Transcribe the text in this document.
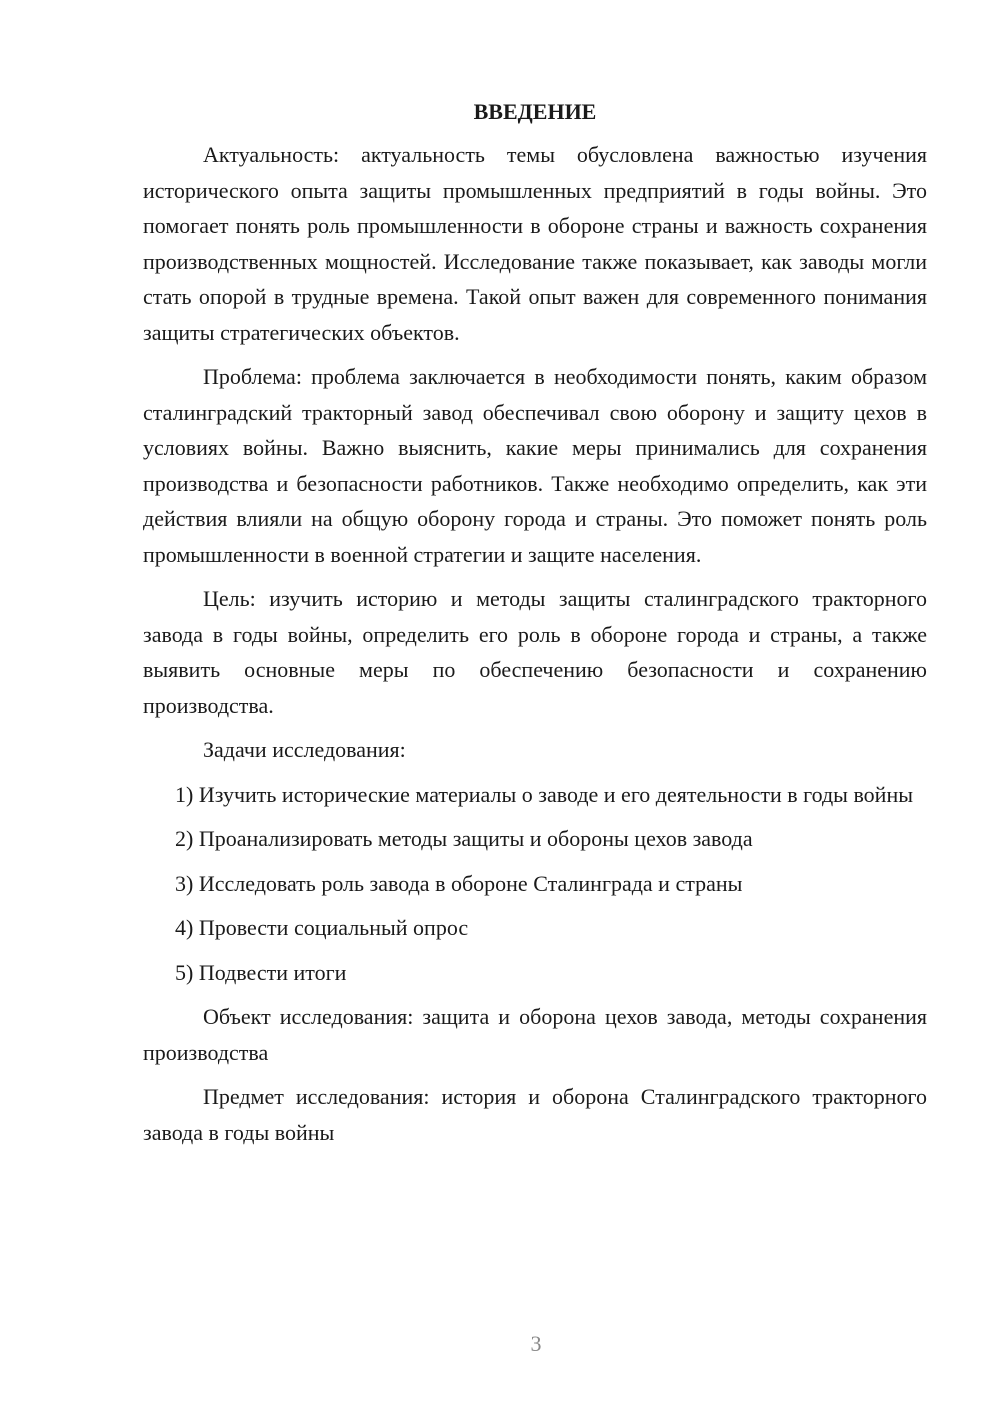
ВВЕДЕНИЕ

Актуальность: актуальность темы обусловлена важностью изучения исторического опыта защиты промышленных предприятий в годы войны. Это помогает понять роль промышленности в обороне страны и важность сохранения производственных мощностей. Исследование также показывает, как заводы могли стать опорой в трудные времена. Такой опыт важен для современного понимания защиты стратегических объектов.

Проблема: проблема заключается в необходимости понять, каким образом сталинградский тракторный завод обеспечивал свою оборону и защиту цехов в условиях войны. Важно выяснить, какие меры принимались для сохранения производства и безопасности работников. Также необходимо определить, как эти действия влияли на общую оборону города и страны. Это поможет понять роль промышленности в военной стратегии и защите населения.

Цель: изучить историю и методы защиты сталинградского тракторного завода в годы войны, определить его роль в обороне города и страны, а также выявить основные меры по обеспечению безопасности и сохранению производства.

Задачи исследования:

1) Изучить исторические материалы о заводе и его деятельности в годы войны

2) Проанализировать методы защиты и обороны цехов завода

3) Исследовать роль завода в обороне Сталинграда и страны

4) Провести социальный опрос

5) Подвести итоги

Объект исследования: защита и оборона цехов завода, методы сохранения производства

Предмет исследования: история и оборона Сталинградского тракторного завода в годы войны

3
